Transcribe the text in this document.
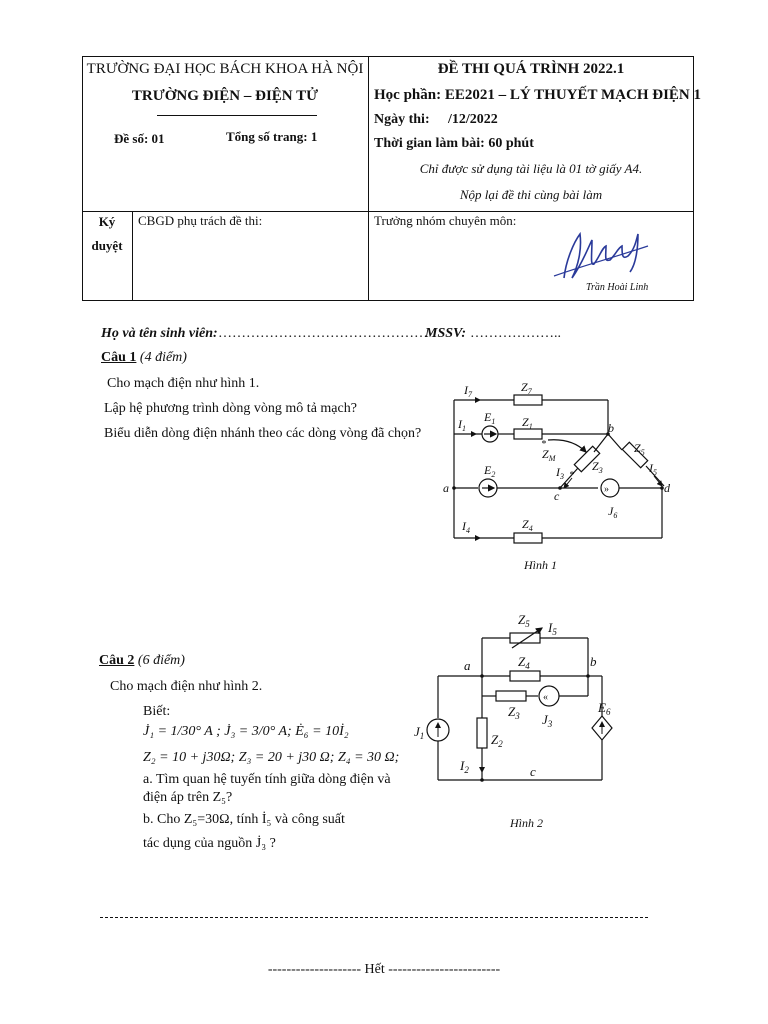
TRƯỜNG ĐẠI HỌC BÁCH KHOA HÀ NỘI
TRƯỜNG ĐIỆN – ĐIỆN TỬ
Đề số: 01	Tổng số trang: 1
ĐỀ THI QUÁ TRÌNH 2022.1
Học phần: EE2021 – LÝ THUYẾT MẠCH ĐIỆN 1
Ngày thi: /12/2022
Thời gian làm bài: 60 phút
Chỉ được sử dụng tài liệu là 01 tờ giấy A4.
Nộp lại đề thi cùng bài làm
Ký
duyệt
CBGD phụ trách đề thi:	Trưởng nhóm chuyên môn:
Trần Hoài Linh
Họ và tên sinh viên: ………………………………………
MSSV: ………………..
Câu 1 (4 điểm)
Cho mạch điện như hình 1.
Lập hệ phương trình dòng vòng mô tả mạch?
Biểu diễn dòng điện nhánh theo các dòng vòng đã chọn?
»
$I_7$
$Z_7$
$I_1$
$E_1$ $Z_1$	b
$Z_5$
$Z_M$
*
*
$E_2$	$I_3$
$Z_3$	$I_5$
a
c
d
$J_6$
$I_4$	$Z_4$
Hình 1
Câu 2 (6 điểm)
Cho mạch điện như hình 2.
Biết:
J̇₁ = 1/30° A ; J̇₃ = 3/0° A; Ė₆ = 10İ₂
Z₂ = 10 + j30Ω; Z₃ = 20 + j30 Ω; Z₄ = 30 Ω;
a. Tìm quan hệ tuyến tính giữa dòng điện và
điện áp trên Z₅?
b. Cho Z₅=30Ω, tính İ₅ và công suất
tác dụng của nguồn J̇₃ ?
«
$Z_5$ $I_5$
a	b
$Z_4$
$Z_3$ $J_3$
$E_6$
$J_1$	$Z_2$
$I_2$	c
Hình 2
-------------------- Hết ------------------------
